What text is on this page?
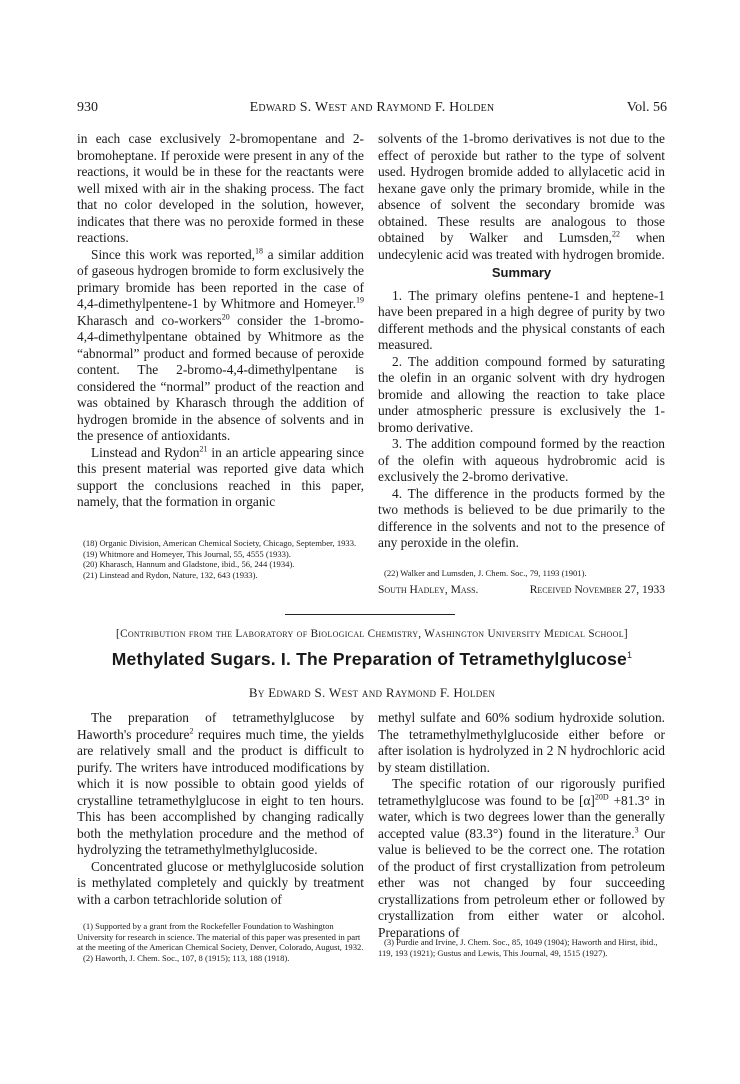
930	Edward S. West and Raymond F. Holden	Vol. 56

in each case exclusively 2-bromopentane and 2-bromoheptane. If peroxide were present in any of the reactions, it would be in these for the reactants were well mixed with air in the shaking process. The fact that no color developed in the solution, however, indicates that there was no peroxide formed in these reactions.

Since this work was reported,$^{18}$ a similar addition of gaseous hydrogen bromide to form exclusively the primary bromide has been reported in the case of 4,4-dimethylpentene-1 by Whitmore and Homeyer.$^{19}$ Kharasch and co-workers$^{20}$ consider the 1-bromo-4,4-dimethylpentane obtained by Whitmore as the “abnormal” product and formed because of peroxide content. The 2-bromo-4,4-dimethylpentane is considered the “normal” product of the reaction and was obtained by Kharasch through the addition of hydrogen bromide in the absence of solvents and in the presence of antioxidants.

Linstead and Rydon$^{21}$ in an article appearing since this present material was reported give data which support the conclusions reached in this paper, namely, that the formation in organic

(18) Organic Division, American Chemical Society, Chicago, September, 1933.

(19) Whitmore and Homeyer, This Journal, 55, 4555 (1933).

(20) Kharasch, Hannum and Gladstone, ibid., 56, 244 (1934).

(21) Linstead and Rydon, Nature, 132, 643 (1933).

solvents of the 1-bromo derivatives is not due to the effect of peroxide but rather to the type of solvent used. Hydrogen bromide added to allylacetic acid in hexane gave only the primary bromide, while in the absence of solvent the secondary bromide was obtained. These results are analogous to those obtained by Walker and Lumsden,$^{22}$ when undecylenic acid was treated with hydrogen bromide.

Summary

1. The primary olefins pentene-1 and heptene-1 have been prepared in a high degree of purity by two different methods and the physical constants of each measured.

2. The addition compound formed by saturating the olefin in an organic solvent with dry hydrogen bromide and allowing the reaction to take place under atmospheric pressure is exclusively the 1-bromo derivative.

3. The addition compound formed by the reaction of the olefin with aqueous hydrobromic acid is exclusively the 2-bromo derivative.

4. The difference in the products formed by the two methods is believed to be due primarily to the difference in the solvents and not to the presence of any peroxide in the olefin.

(22) Walker and Lumsden, J. Chem. Soc., 79, 1193 (1901).

South Hadley, Mass.	Received November 27, 1933
[Contribution from the Laboratory of Biological Chemistry, Washington University Medical School]
Methylated Sugars. I. The Preparation of Tetramethylglucose$^1$
By Edward S. West and Raymond F. Holden

The preparation of tetramethylglucose by Haworth's procedure$^2$ requires much time, the yields are relatively small and the product is difficult to purify. The writers have introduced modifications by which it is now possible to obtain good yields of crystalline tetramethylglucose in eight to ten hours. This has been accomplished by changing radically both the methylation procedure and the method of hydrolyzing the tetramethylmethylglucoside.

Concentrated glucose or methylglucoside solution is methylated completely and quickly by treatment with a carbon tetrachloride solution of

(1) Supported by a grant from the Rockefeller Foundation to Washington University for research in science. The material of this paper was presented in part at the meeting of the American Chemical Society, Denver, Colorado, August, 1932.

(2) Haworth, J. Chem. Soc., 107, 8 (1915); 113, 188 (1918).

methyl sulfate and 60% sodium hydroxide solution. The tetramethylmethylglucoside either before or after isolation is hydrolyzed in 2 N hydrochloric acid by steam distillation.

The specific rotation of our rigorously purified tetramethylglucose was found to be $[\alpha]^{20D} +81.3^\circ$ in water, which is two degrees lower than the generally accepted value (83.3°) found in the literature.$^3$ Our value is believed to be the correct one. The rotation of the product of first crystallization from petroleum ether was not changed by four succeeding crystallizations from petroleum ether or followed by crystallization from either water or alcohol. Preparations of

(3) Purdie and Irvine, J. Chem. Soc., 85, 1049 (1904); Haworth and Hirst, ibid., 119, 193 (1921); Gustus and Lewis, This Journal, 49, 1515 (1927).
